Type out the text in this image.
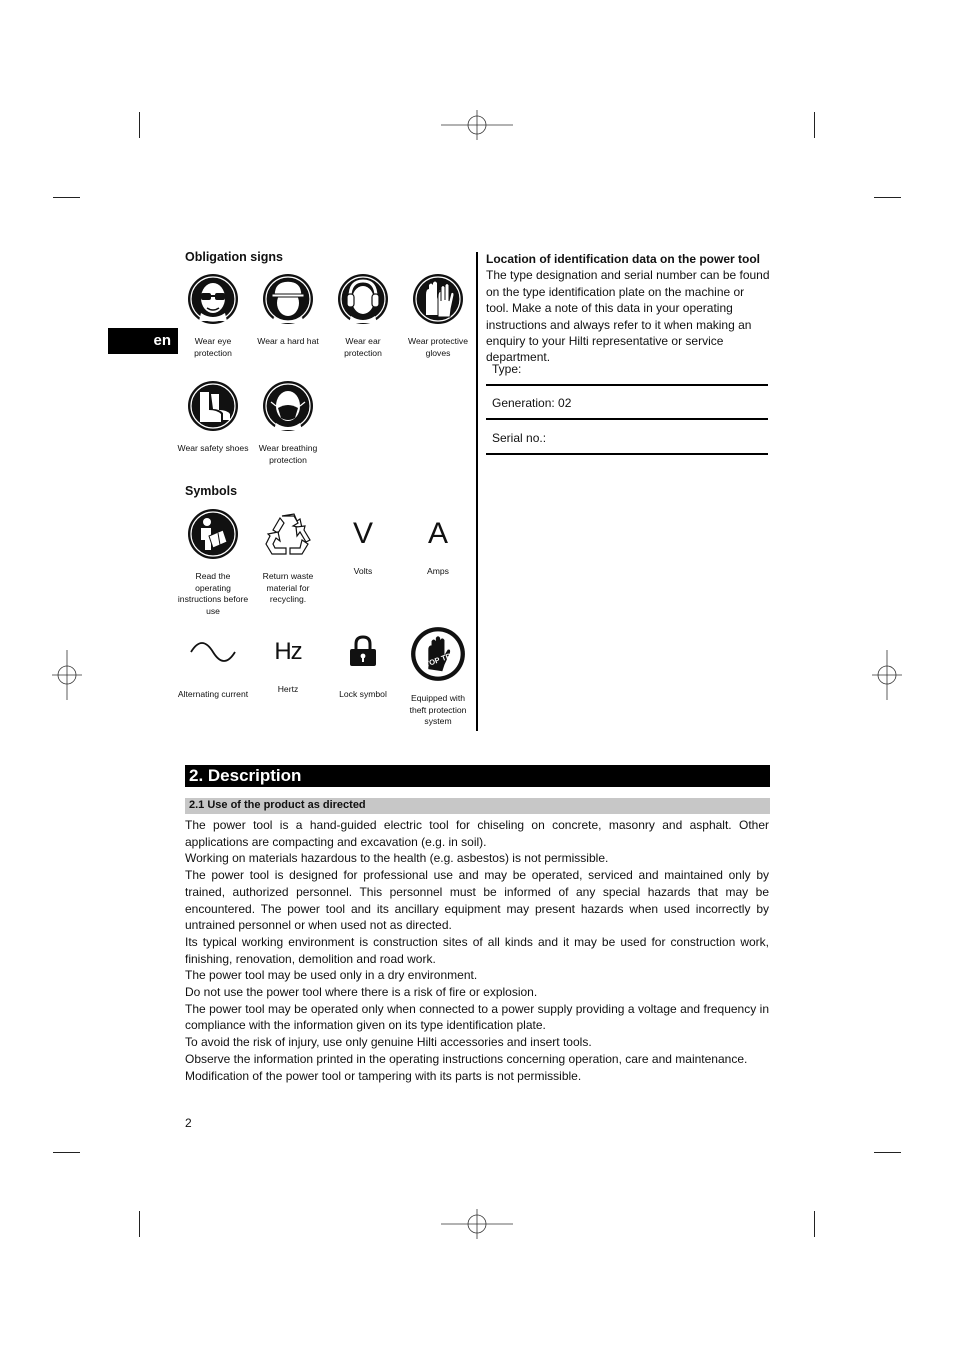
en
Obligation signs
Wear eye protection
Wear a hard hat	Wear ear protection
Wear protective gloves
Wear safety shoes	Wear breathing protection
Symbols
Read the operating instructions before use
Return waste material for recycling.
V
Volts
A
Amps
Alternating current
Hz
Hertz	Lock symbol
STOP TPS
Equipped with theft protection system
Location of identification data on the power tool
The type designation and serial number can be found on the type identification plate on the machine or tool. Make a note of this data in your operating instructions and always refer to it when making an enquiry to your Hilti representative or service department.
Type:
Generation: 02
Serial no.:
2. Description
2.1 Use of the product as directed

The power tool is a hand-guided electric tool for chiseling on concrete, masonry and asphalt. Other applications are compacting and excavation (e.g. in soil).

Working on materials hazardous to the health (e.g. asbestos) is not permissible.

The power tool is designed for professional use and may be operated, serviced and maintained only by trained, authorized personnel. This personnel must be informed of any special hazards that may be encountered. The power tool and its ancillary equipment may present hazards when used incorrectly by untrained personnel or when used not as directed.

Its typical working environment is construction sites of all kinds and it may be used for construction work, finishing, renovation, demolition and road work.

The power tool may be used only in a dry environment.

Do not use the power tool where there is a risk of fire or explosion.

The power tool may be operated only when connected to a power supply providing a voltage and frequency in compliance with the information given on its type identification plate.

To avoid the risk of injury, use only genuine Hilti accessories and insert tools.

Observe the information printed in the operating instructions concerning operation, care and maintenance.

Modification of the power tool or tampering with its parts is not permissible.

2
